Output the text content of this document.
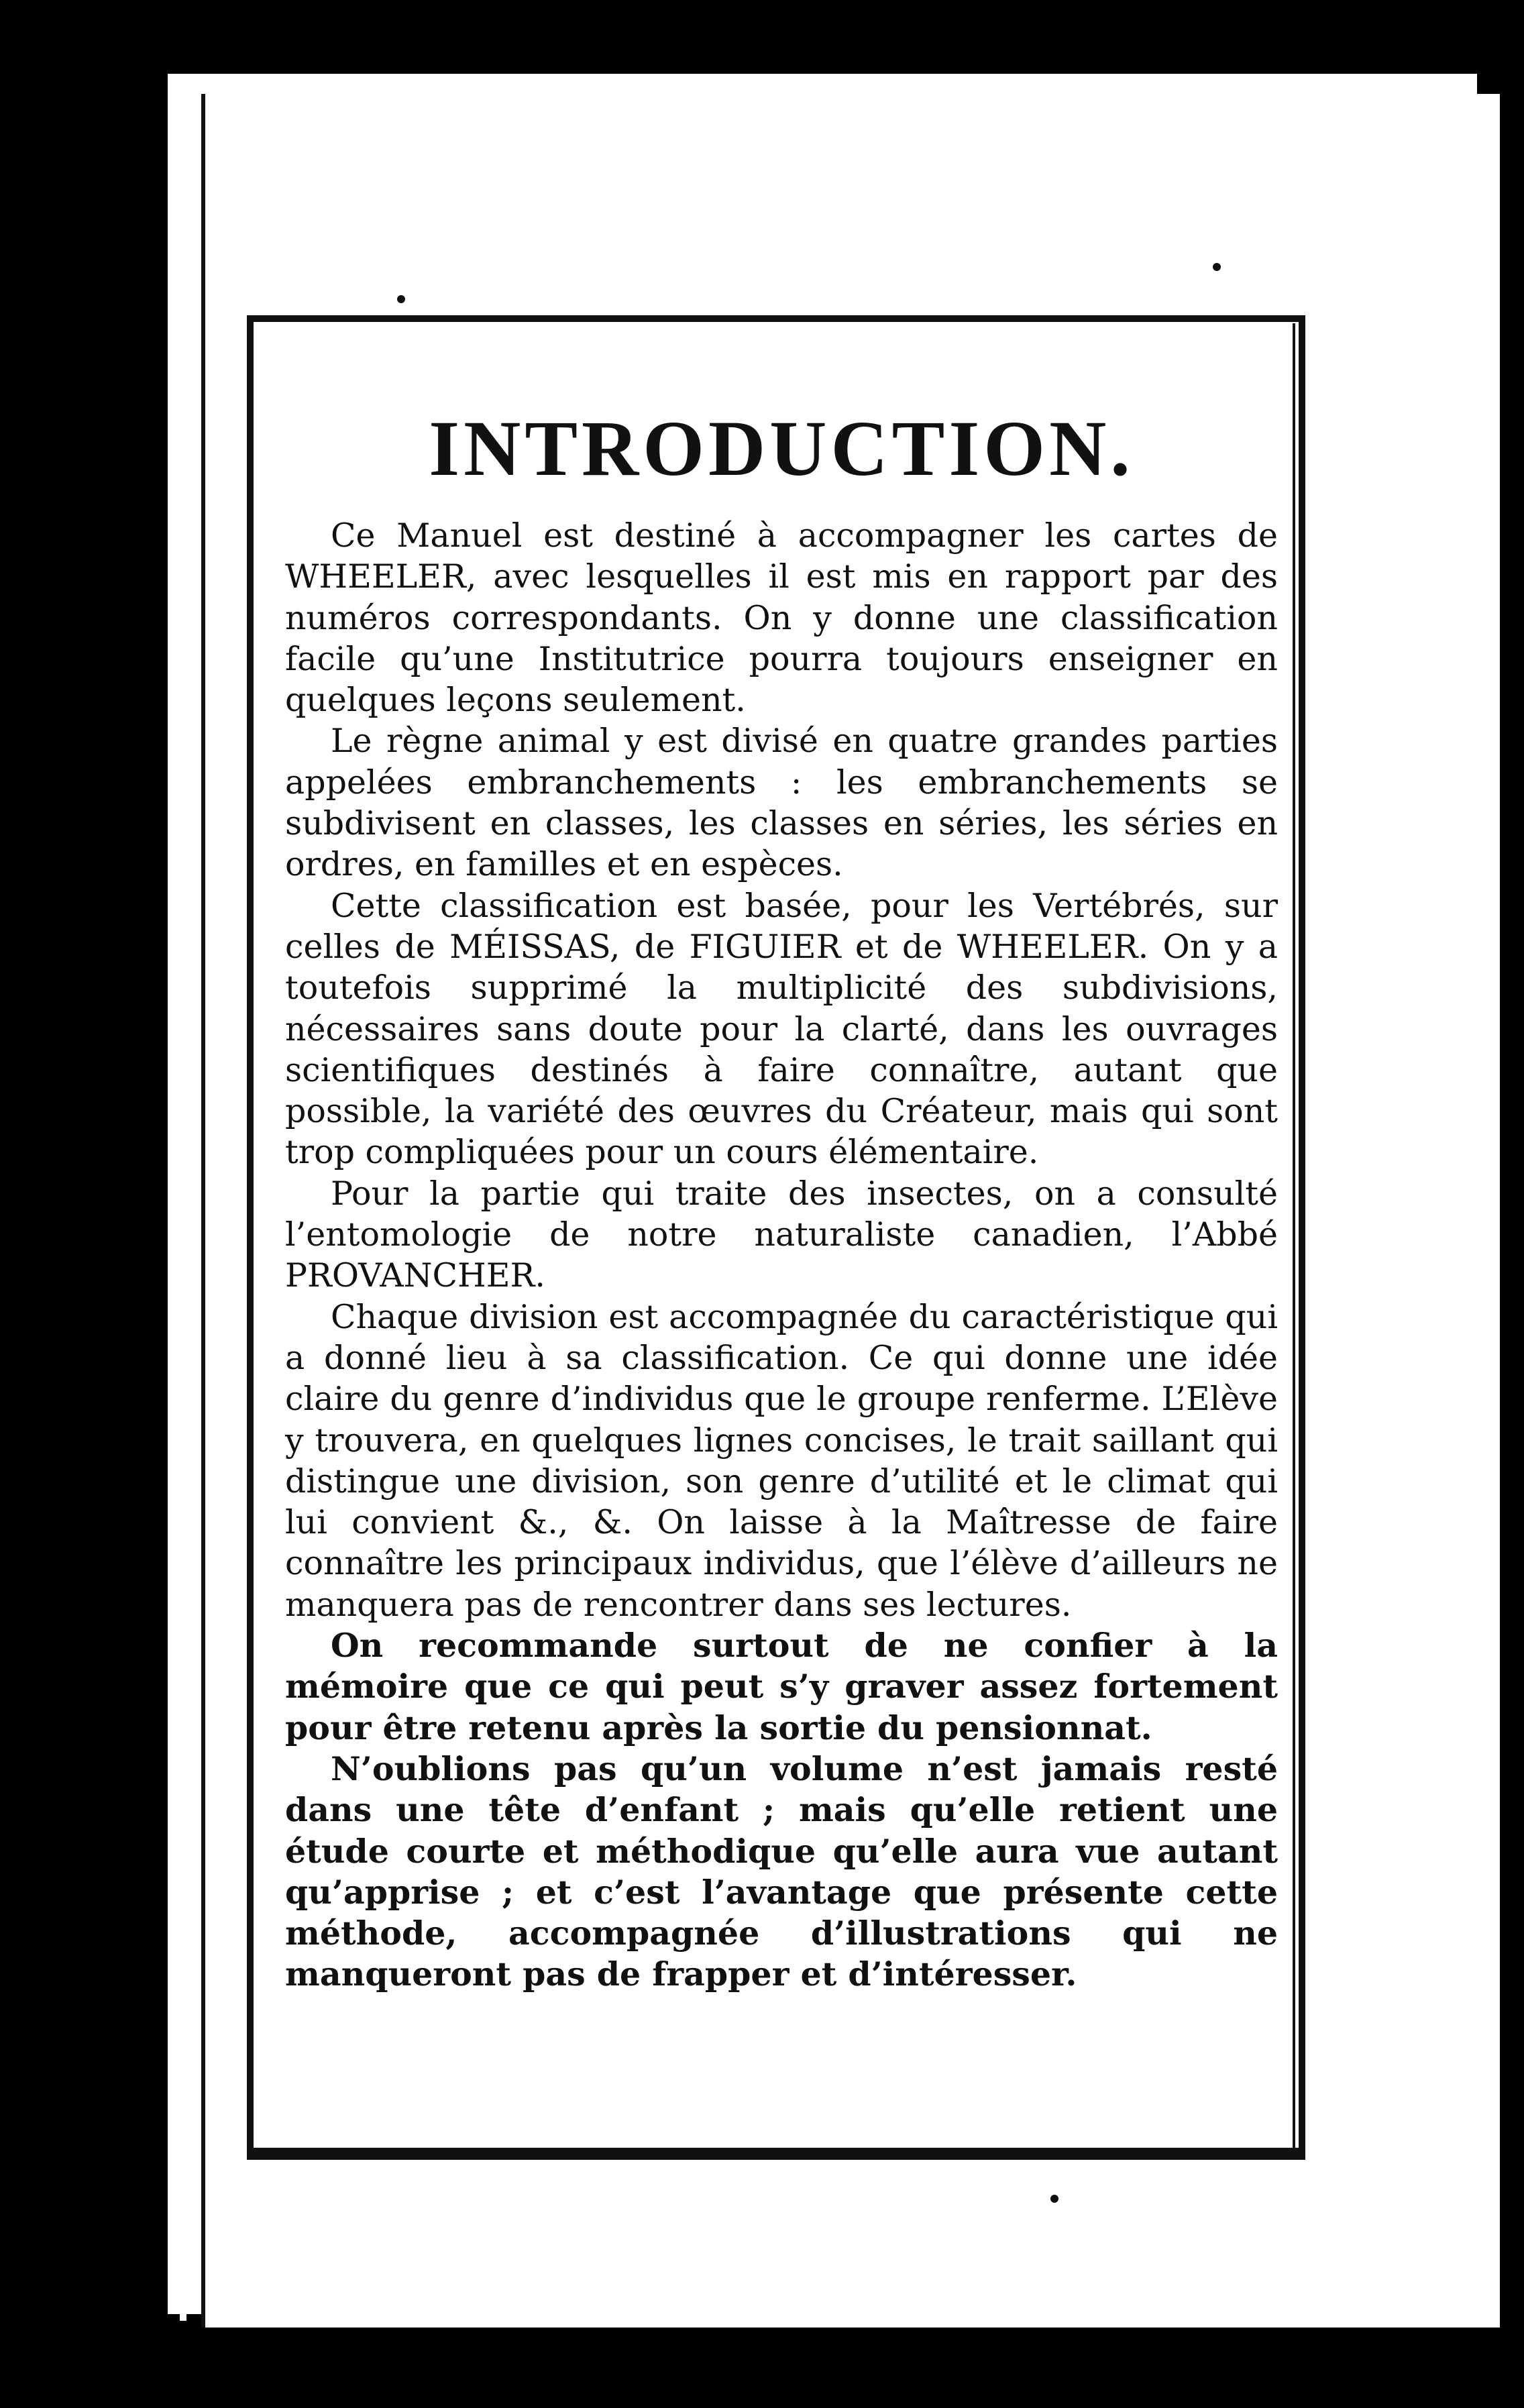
INTRODUCTION.

Ce Manuel est destiné à accompagner les cartes de WHEELER, avec lesquelles il est mis en rapport par des numéros correspondants. On y donne une classification facile qu’une Institutrice pourra toujours enseigner en quelques leçons seulement.

Le règne animal y est divisé en quatre grandes parties appelées embranchements : les embranchements se subdivisent en classes, les classes en séries, les séries en ordres, en familles et en espèces.

Cette classification est basée, pour les Vertébrés, sur celles de MÉISSAS, de FIGUIER et de WHEELER. On y a toutefois supprimé la multiplicité des subdivisions, nécessaires sans doute pour la clarté, dans les ouvrages scientifiques destinés à faire connaître, autant que possible, la variété des œuvres du Créateur, mais qui sont trop compliquées pour un cours élémentaire.

Pour la partie qui traite des insectes, on a consulté l’entomologie de notre naturaliste canadien, l’Abbé PROVANCHER.

Chaque division est accompagnée du caractéristique qui a donné lieu à sa classification. Ce qui donne une idée claire du genre d’individus que le groupe renferme. L’Elève y trouvera, en quelques lignes concises, le trait saillant qui distingue une division, son genre d’utilité et le climat qui lui convient &., &. On laisse à la Maîtresse de faire connaître les principaux individus, que l’élève d’ailleurs ne manquera pas de rencontrer dans ses lectures.

On recommande surtout de ne confier à la mémoire que ce qui peut s’y graver assez fortement pour être retenu après la sortie du pensionnat.

N’oublions pas qu’un volume n’est jamais resté dans une tête d’enfant ; mais qu’elle retient une étude courte et méthodique qu’elle aura vue autant qu’apprise ; et c’est l’avantage que présente cette méthode, accompagnée d’illustrations qui ne manqueront pas de frapper et d’intéresser.
